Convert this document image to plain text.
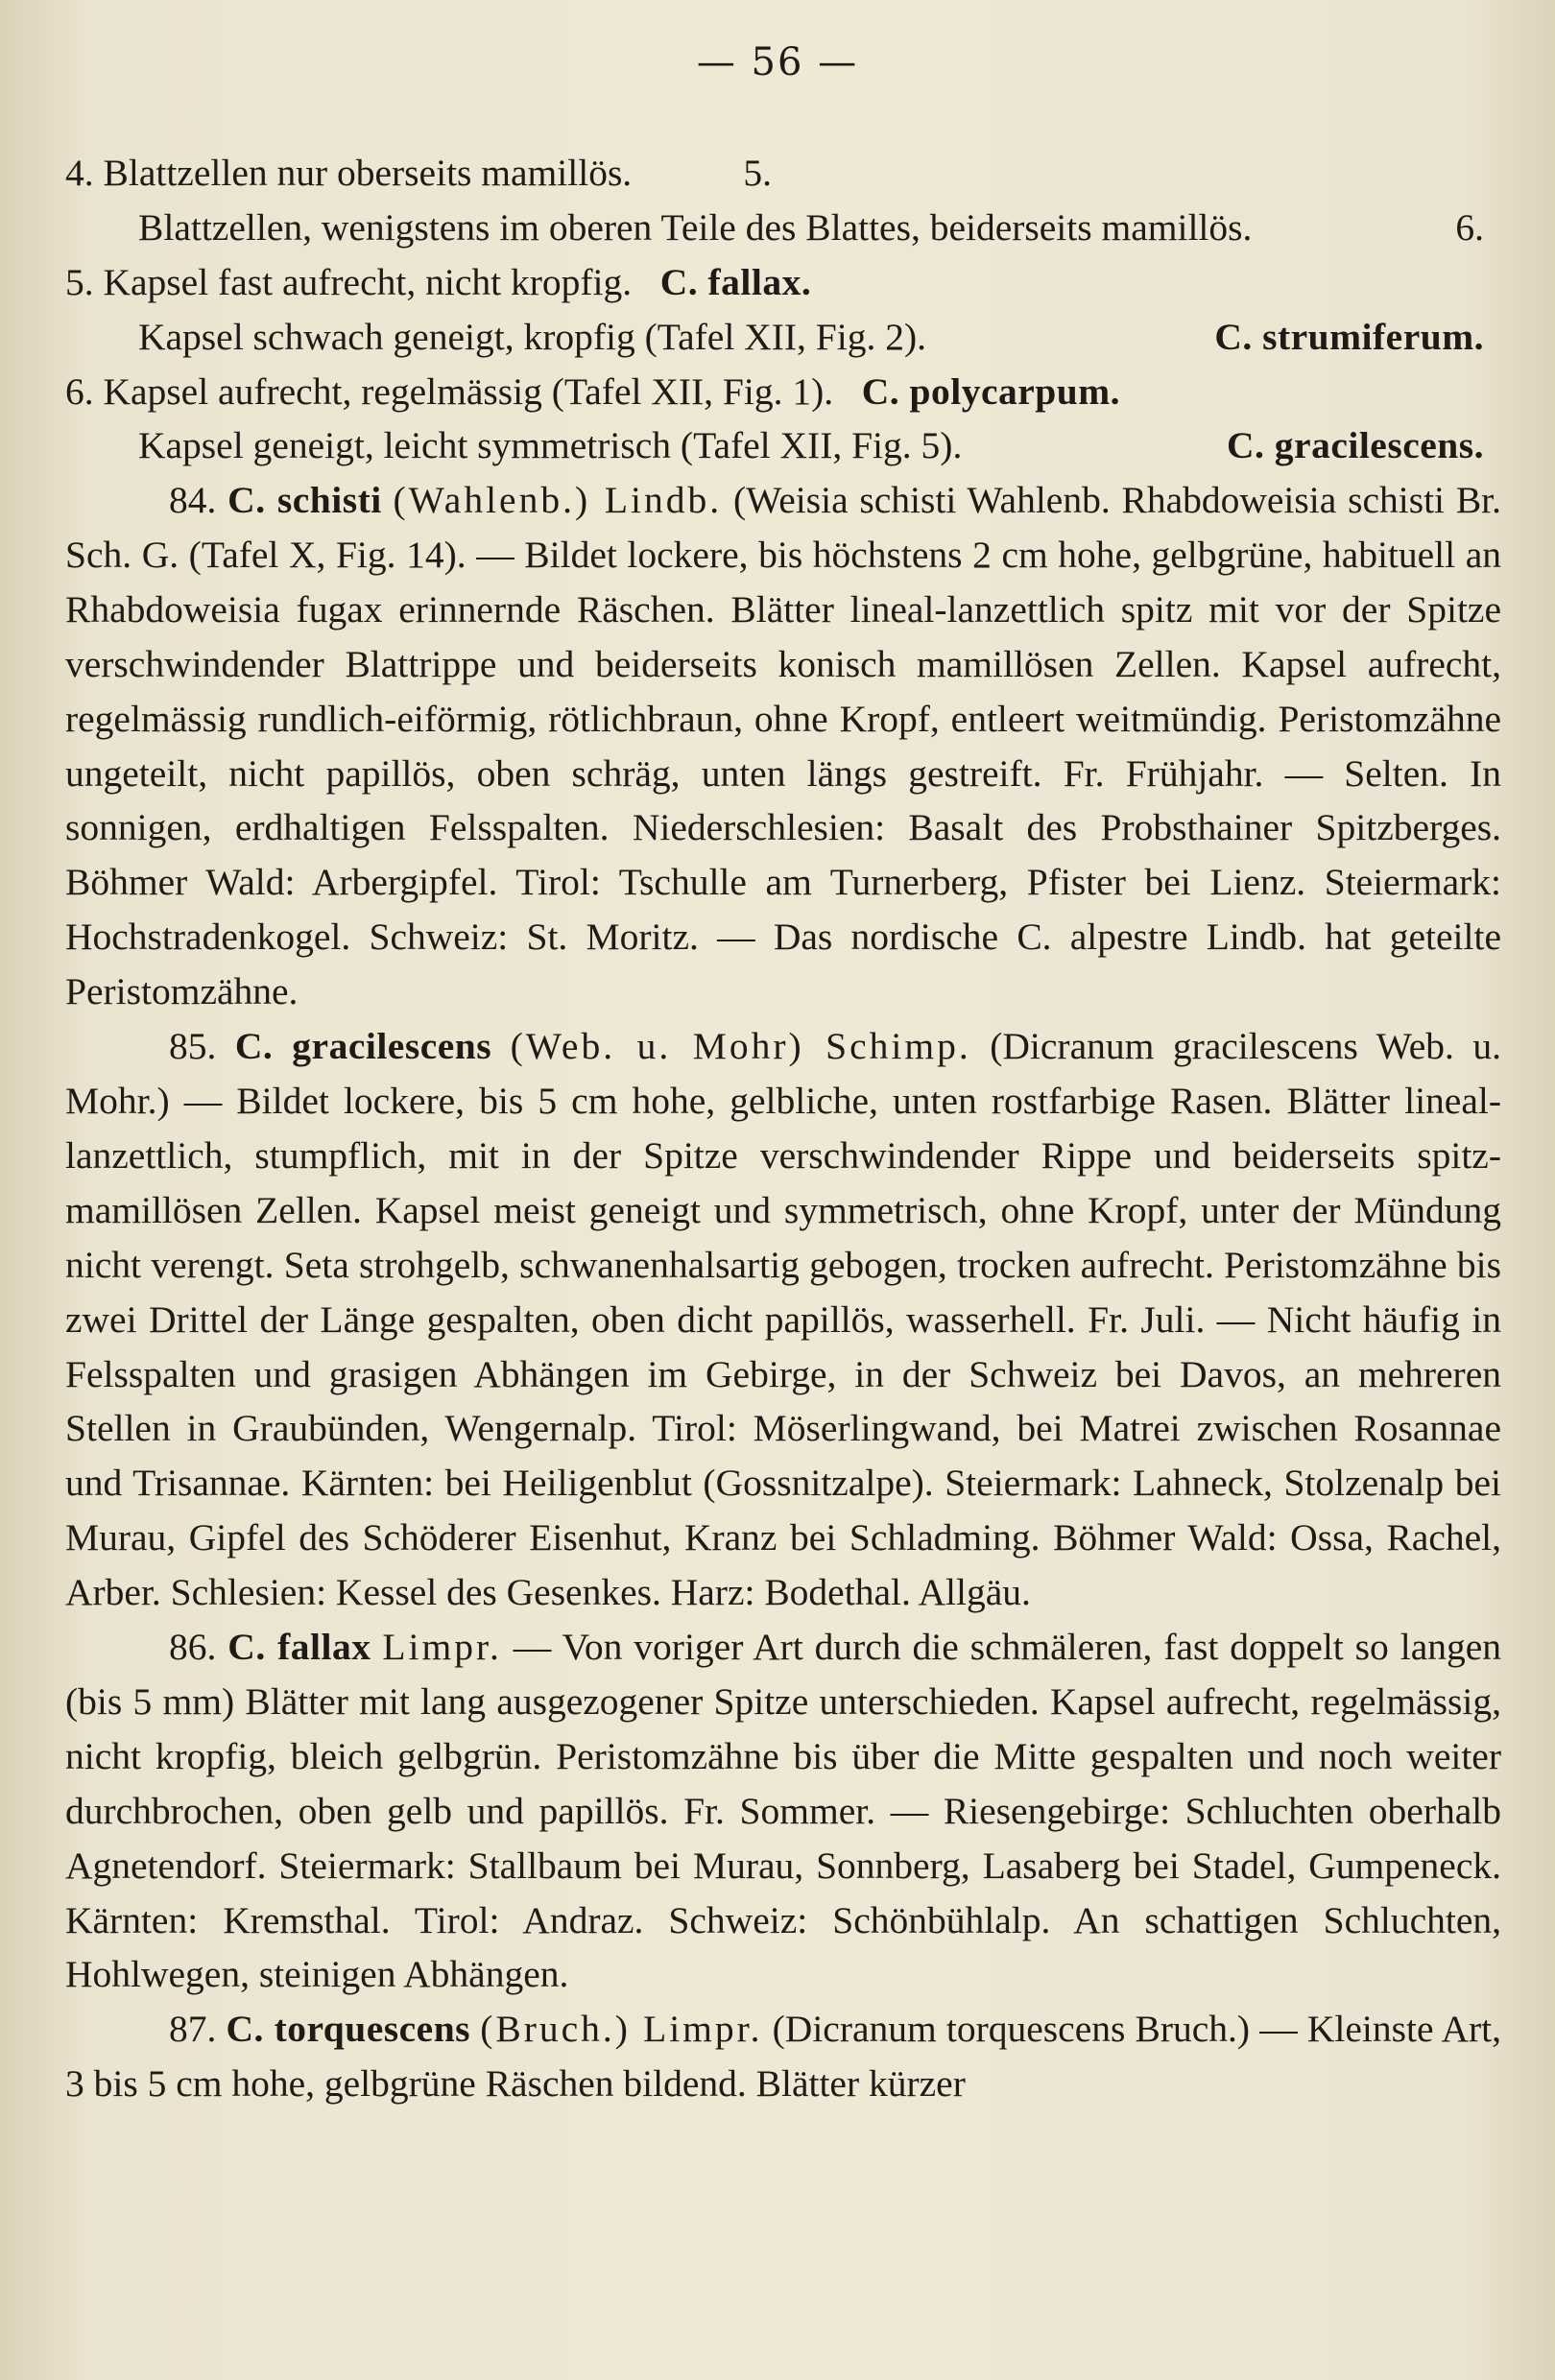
— 56 —
4. Blattzellen nur oberseits mamillös.	5.
Blattzellen, wenigstens im oberen Teile des Blattes, beiderseits mamillös.	6.
5. Kapsel fast aufrecht, nicht kropfig. C. fallax.
Kapsel schwach geneigt, kropfig (Tafel XII, Fig. 2).	C. strumiferum.
6. Kapsel aufrecht, regelmässig (Tafel XII, Fig. 1). C. polycarpum.
Kapsel geneigt, leicht symmetrisch (Tafel XII, Fig. 5).	C. gracilescens.

84. C. schisti (Wahlenb.) Lindb. (Weisia schisti Wahlenb. Rhabdoweisia schisti Br. Sch. G. (Tafel X, Fig. 14). — Bildet lockere, bis höchstens 2 cm hohe, gelbgrüne, habituell an Rhabdoweisia fugax erinnernde Räschen. Blätter lineal-lanzettlich spitz mit vor der Spitze verschwindender Blattrippe und beiderseits konisch mamillösen Zellen. Kapsel aufrecht, regelmässig rundlich-eiförmig, rötlichbraun, ohne Kropf, entleert weitmündig. Peristomzähne ungeteilt, nicht papillös, oben schräg, unten längs gestreift. Fr. Frühjahr. — Selten. In sonnigen, erdhaltigen Felsspalten. Niederschlesien: Basalt des Probsthainer Spitzberges. Böhmer Wald: Arbergipfel. Tirol: Tschulle am Turnerberg, Pfister bei Lienz. Steiermark: Hochstradenkogel. Schweiz: St. Moritz. — Das nordische C. alpestre Lindb. hat geteilte Peristomzähne.

85. C. gracilescens (Web. u. Mohr) Schimp. (Dicranum gracilescens Web. u. Mohr.) — Bildet lockere, bis 5 cm hohe, gelbliche, unten rostfarbige Rasen. Blätter lineal-lanzettlich, stumpflich, mit in der Spitze verschwindender Rippe und beiderseits spitz-mamillösen Zellen. Kapsel meist geneigt und symmetrisch, ohne Kropf, unter der Mündung nicht verengt. Seta strohgelb, schwanenhalsartig gebogen, trocken aufrecht. Peristomzähne bis zwei Drittel der Länge gespalten, oben dicht papillös, wasserhell. Fr. Juli. — Nicht häufig in Felsspalten und grasigen Abhängen im Gebirge, in der Schweiz bei Davos, an mehreren Stellen in Graubünden, Wengernalp. Tirol: Möserlingwand, bei Matrei zwischen Rosannae und Trisannae. Kärnten: bei Heiligenblut (Gossnitzalpe). Steiermark: Lahneck, Stolzenalp bei Murau, Gipfel des Schöderer Eisenhut, Kranz bei Schladming. Böhmer Wald: Ossa, Rachel, Arber. Schlesien: Kessel des Gesenkes. Harz: Bodethal. Allgäu.

86. C. fallax Limpr. — Von voriger Art durch die schmäleren, fast doppelt so langen (bis 5 mm) Blätter mit lang ausgezogener Spitze unterschieden. Kapsel aufrecht, regelmässig, nicht kropfig, bleich gelbgrün. Peristomzähne bis über die Mitte gespalten und noch weiter durchbrochen, oben gelb und papillös. Fr. Sommer. — Riesengebirge: Schluchten oberhalb Agnetendorf. Steiermark: Stallbaum bei Murau, Sonnberg, Lasaberg bei Stadel, Gumpeneck. Kärnten: Kremsthal. Tirol: Andraz. Schweiz: Schönbühlalp. An schattigen Schluchten, Hohlwegen, steinigen Abhängen.

87. C. torquescens (Bruch.) Limpr. (Dicranum torquescens Bruch.) — Kleinste Art, 3 bis 5 cm hohe, gelbgrüne Räschen bildend. Blätter kürzer
